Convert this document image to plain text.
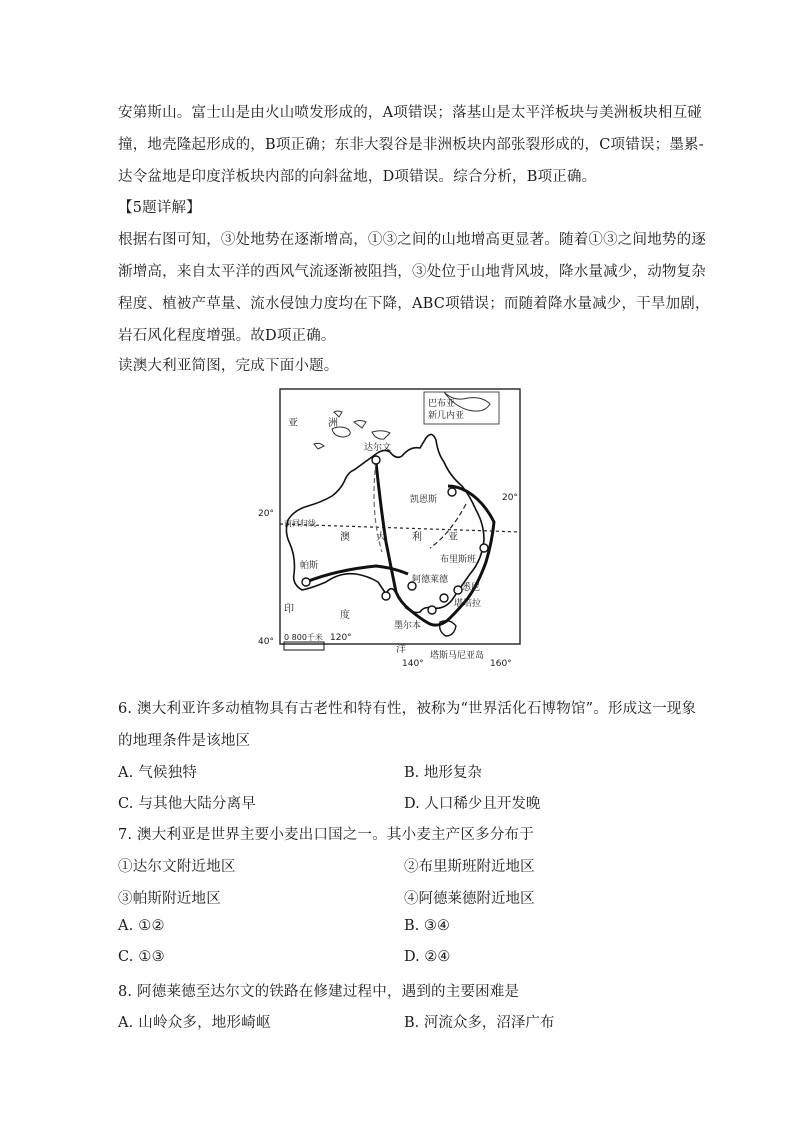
安第斯山。富士山是由火山喷发形成的，A项错误；落基山是太平洋板块与美洲板块相互碰
撞，地壳隆起形成的，B项正确；东非大裂谷是非洲板块内部张裂形成的，C项错误；墨累-
达令盆地是印度洋板块内部的向斜盆地，D项错误。综合分析，B项正确。
【5题详解】
根据右图可知，③处地势在逐渐增高，①③之间的山地增高更显著。随着①③之间地势的逐
渐增高，来自太平洋的西风气流逐渐被阻挡，③处位于山地背风坡，降水量减少，动物复杂
程度、植被产草量、流水侵蚀力度均在下降，ABC项错误；而随着降水量减少，干旱加剧，
岩石风化程度增强。故D项正确。
读澳大利亚简图，完成下面小题。
亚	洲
巴布亚
新几内亚
达尔文
凯恩斯
南回归线
澳	大	利	亚
布里斯班
帕斯
阿德莱德
悉尼
堪培拉
墨尔本
印
度
洋
塔斯马尼亚岛
0 800千米
20°
20°
40°	120°
140°	160°
6. 澳大利亚许多动植物具有古老性和特有性，被称为“世界活化石博物馆”。形成这一现象
的地理条件是该地区
A. 气候独特	B. 地形复杂
C. 与其他大陆分离早	D. 人口稀少且开发晚
7. 澳大利亚是世界主要小麦出口国之一。其小麦主产区多分布于
①达尔文附近地区	②布里斯班附近地区
③帕斯附近地区	④阿德莱德附近地区
A. ①②	B. ③④
C. ①③	D. ②④
8. 阿德莱德至达尔文的铁路在修建过程中，遇到的主要困难是
A. 山岭众多，地形崎岖	B. 河流众多，沼泽广布
